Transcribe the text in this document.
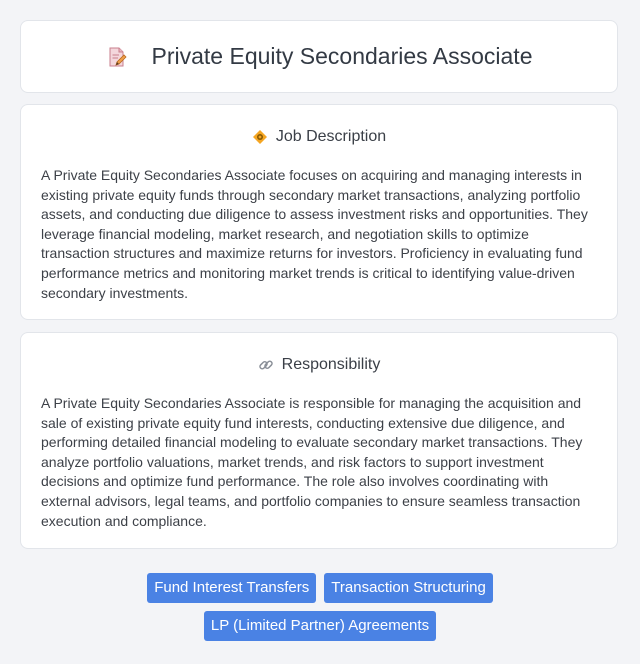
Private Equity Secondaries Associate
Job Description
A Private Equity Secondaries Associate focuses on acquiring and managing interests in existing private equity funds through secondary market transactions, analyzing portfolio assets, and conducting due diligence to assess investment risks and opportunities. They leverage financial modeling, market research, and negotiation skills to optimize transaction structures and maximize returns for investors. Proficiency in evaluating fund performance metrics and monitoring market trends is critical to identifying value-driven secondary investments.
Responsibility
A Private Equity Secondaries Associate is responsible for managing the acquisition and sale of existing private equity fund interests, conducting extensive due diligence, and performing detailed financial modeling to evaluate secondary market transactions. They analyze portfolio valuations, market trends, and risk factors to support investment decisions and optimize fund performance. The role also involves coordinating with external advisors, legal teams, and portfolio companies to ensure seamless transaction execution and compliance.
Fund Interest Transfers	Transaction Structuring
LP (Limited Partner) Agreements
